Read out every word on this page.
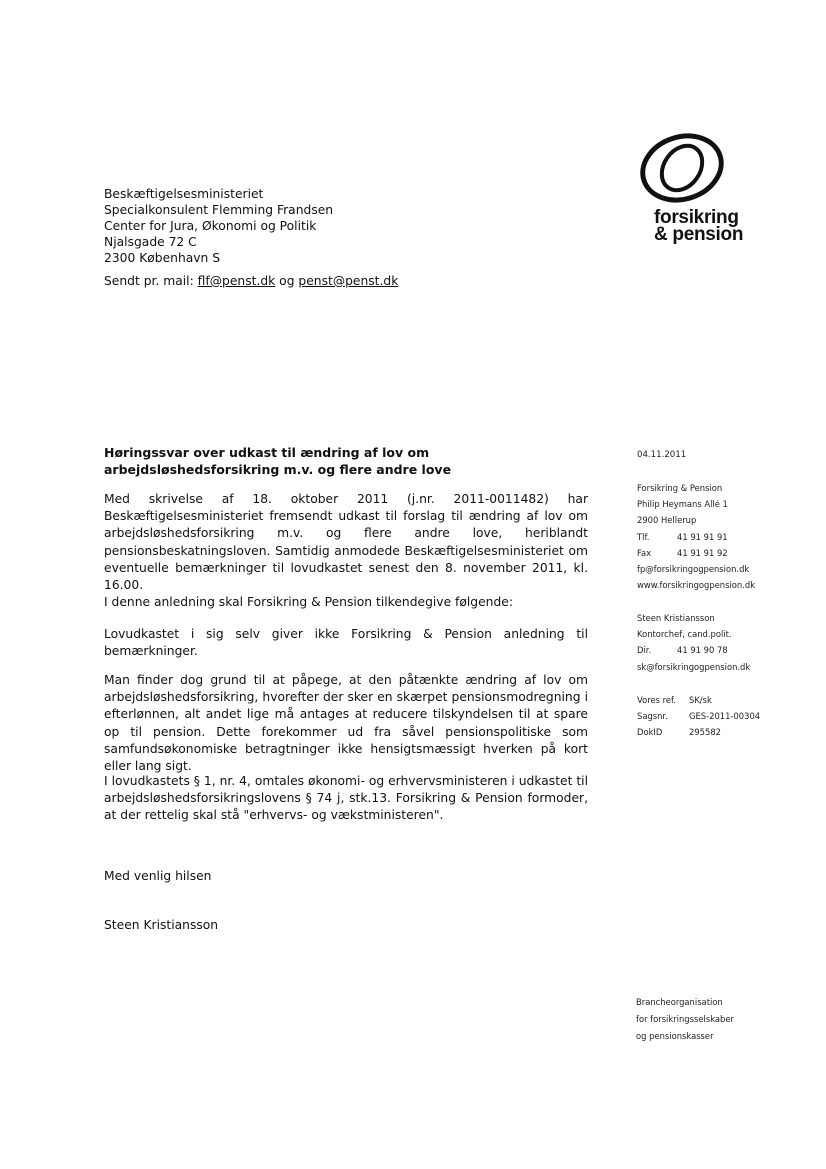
Beskæftigelsesministeriet
Specialkonsulent Flemming Frandsen
Center for Jura, Økonomi og Politik
Njalsgade 72 C
2300 København S
Sendt pr. mail: flf@penst.dk og penst@penst.dk
forsikring
& pension
Høringssvar over udkast til ændring af lov om arbejdsløshedsforsikring m.v. og flere andre love
Med skrivelse af 18. oktober 2011 (j.nr. 2011-0011482) har Beskæftigelsesministeriet fremsendt udkast til forslag til ændring af lov om arbejdsløshedsforsikring m.v. og flere andre love, heriblandt pensionsbeskatningsloven. Samtidig anmodede Beskæftigelsesministeriet om eventuelle bemærkninger til lovudkastet senest den 8. november 2011, kl. 16.00.
I denne anledning skal Forsikring & Pension tilkendegive følgende:
Lovudkastet i sig selv giver ikke Forsikring & Pension anledning til bemærkninger.
Man finder dog grund til at påpege, at den påtænkte ændring af lov om arbejdsløshedsforsikring, hvorefter der sker en skærpet pensionsmodregning i efterlønnen, alt andet lige må antages at reducere tilskyndelsen til at spare op til pension. Dette forekommer ud fra såvel pensionspolitiske som samfundsøkonomiske betragtninger ikke hensigtsmæssigt hverken på kort eller lang sigt.
I lovudkastets § 1, nr. 4, omtales økonomi- og erhvervsministeren i udkastet til arbejdsløshedsforsikringslovens § 74 j, stk.13. Forsikring & Pension formoder, at der rettelig skal stå "erhvervs- og vækstministeren".
Med venlig hilsen
Steen Kristiansson
04.11.2011
Forsikring & Pension
Philip Heymans Allé 1
2900 Hellerup
Tlf.	41 91 91 91
Fax	41 91 91 92
fp@forsikringogpension.dk
www.forsikringogpension.dk
Steen Kristiansson
Kontorchef, cand.polit.
Dir.	41 91 90 78
sk@forsikringogpension.dk
Vores ref.	SK/sk
Sagsnr.	GES-2011-00304
DokID	295582
Brancheorganisation
for forsikringsselskaber
og pensionskasser
